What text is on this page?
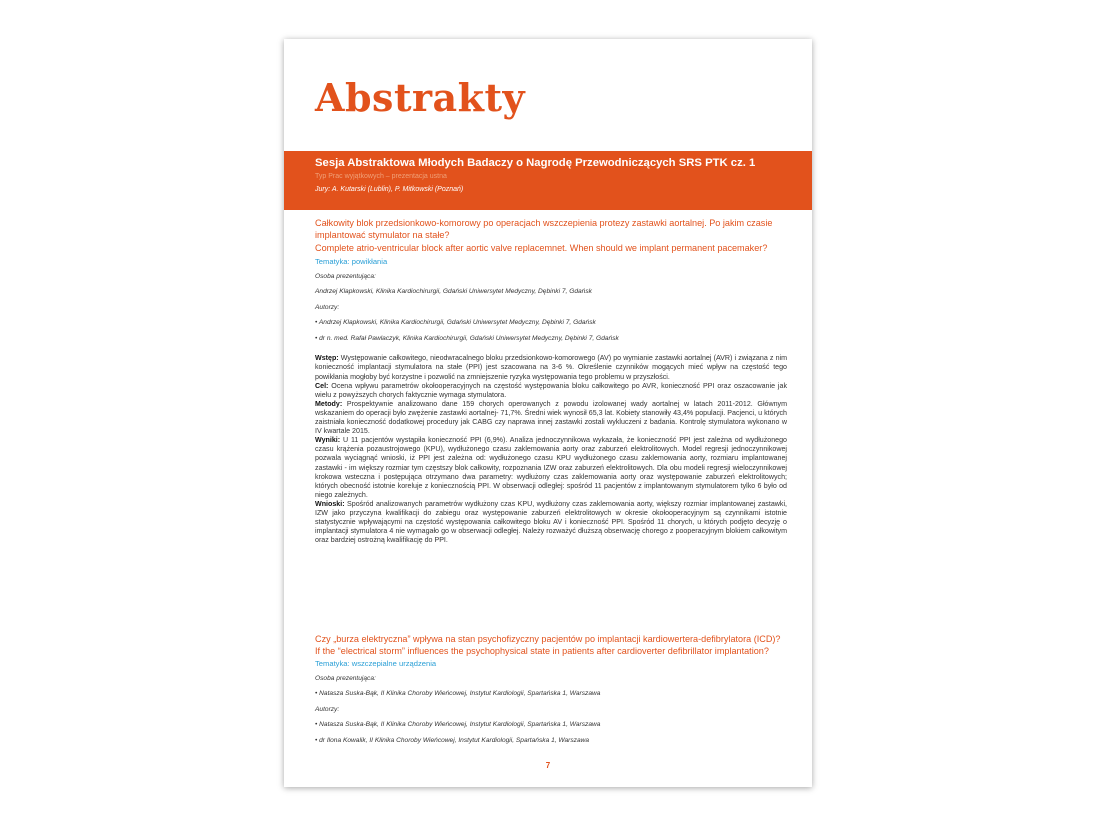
Abstrakty
Sesja Abstraktowa Młodych Badaczy o Nagrodę Przewodniczących SRS PTK cz. 1
Typ Prac wyjątkowych – prezentacja ustna
Jury: A. Kutarski (Lublin), P. Mitkowski (Poznań)
Całkowity blok przedsionkowo-komorowy po operacjach wszczepienia protezy zastawki aortalnej. Po jakim czasie implantować stymulator na stałe?
Complete atrio-ventricular block after aortic valve replacemnet. When should we implant permanent pacemaker?
Tematyka: powikłania
Osoba prezentująca:
Andrzej Klapkowski, Klinika Kardiochirurgii, Gdański Uniwersytet Medyczny, Dębinki 7, Gdańsk
Autorzy:
• Andrzej Klapkowski, Klinika Kardiochirurgii, Gdański Uniwersytet Medyczny, Dębinki 7, Gdańsk
• dr n. med. Rafał Pawlaczyk, Klinika Kardiochirurgii, Gdański Uniwersytet Medyczny, Dębinki 7, Gdańsk

Wstęp: Występowanie całkowitego, nieodwracalnego bloku przedsionkowo-komorowego (AV) po wymianie zastawki aortalnej (AVR) i związana z nim konieczność implantacji stymulatora na stałe (PPI) jest szacowana na 3-6 %. Określenie czynników mogących mieć wpływ na częstość tego powikłania mogłoby być korzystne i pozwolić na zmniejszenie ryzyka występowania tego problemu w przyszłości.

Cel: Ocena wpływu parametrów okołooperacyjnych na częstość występowania bloku całkowitego po AVR, konieczność PPI oraz oszacowanie jak wielu z powyższych chorych faktycznie wymaga stymulatora.

Metody: Prospektywnie analizowano dane 159 chorych operowanych z powodu izolowanej wady aortalnej w latach 2011-2012. Głównym wskazaniem do operacji było zwężenie zastawki aortalnej- 71,7%. Średni wiek wynosił 65,3 lat. Kobiety stanowiły 43,4% populacji. Pacjenci, u których zaistniała konieczność dodatkowej procedury jak CABG czy naprawa innej zastawki zostali wykluczeni z badania. Kontrolę stymulatora wykonano w IV kwartale 2015.

Wyniki: U 11 pacjentów wystąpiła konieczność PPI (6,9%). Analiza jednoczynnikowa wykazała, że konieczność PPI jest zależna od wydłużonego czasu krążenia pozaustrojowego (KPU), wydłużonego czasu zaklemowania aorty oraz zaburzeń elektrolitowych. Model regresji jednoczynnikowej pozwala wyciągnąć wnioski, iż PPI jest zależna od: wydłużonego czasu KPU wydłużonego czasu zaklemowania aorty, rozmiaru implantowanej zastawki - im większy rozmiar tym częstszy blok całkowity, rozpoznania IZW oraz zaburzeń elektrolitowych. Dla obu modeli regresji wieloczynnikowej krokowa wsteczna i postępująca otrzymano dwa parametry: wydłużony czas zaklemowania aorty oraz występowanie zaburzeń elektrolitowych; których obecność istotnie koreluje z koniecznością PPI. W obserwacji odległej: spośród 11 pacjentów z implantowanym stymulatorem tylko 6 było od niego zależnych.

Wnioski: Spośród analizowanych parametrów wydłużony czas KPU, wydłużony czas zaklemowania aorty, większy rozmiar implantowanej zastawki, IZW jako przyczyna kwalifikacji do zabiegu oraz występowanie zaburzeń elektrolitowych w okresie okołooperacyjnym są czynnikami istotnie statystycznie wpływającymi na częstość występowania całkowitego bloku AV i konieczność PPI. Spośród 11 chorych, u których podjęto decyzję o implantacji stymulatora 4 nie wymagało go w obserwacji odległej. Należy rozważyć dłuższą obserwację chorego z pooperacyjnym blokiem całkowitym oraz bardziej ostrożną kwalifikację do PPI.

Czy „burza elektryczna” wpływa na stan psychofizyczny pacjentów po implantacji kardiowertera-defibrylatora (ICD)?
If the “electrical storm” influences the psychophysical state in patients after cardioverter defibrillator implantation?
Tematyka: wszczepialne urządzenia
Osoba prezentująca:
• Natasza Suska-Bąk, II Klinika Choroby Wieńcowej, Instytut Kardiologii, Spartańska 1, Warszawa
Autorzy:
• Natasza Suska-Bąk, II Klinika Choroby Wieńcowej, Instytut Kardiologii, Spartańska 1, Warszawa
• dr Ilona Kowalik, II Klinika Choroby Wieńcowej, Instytut Kardiologii, Spartańska 1, Warszawa
7
